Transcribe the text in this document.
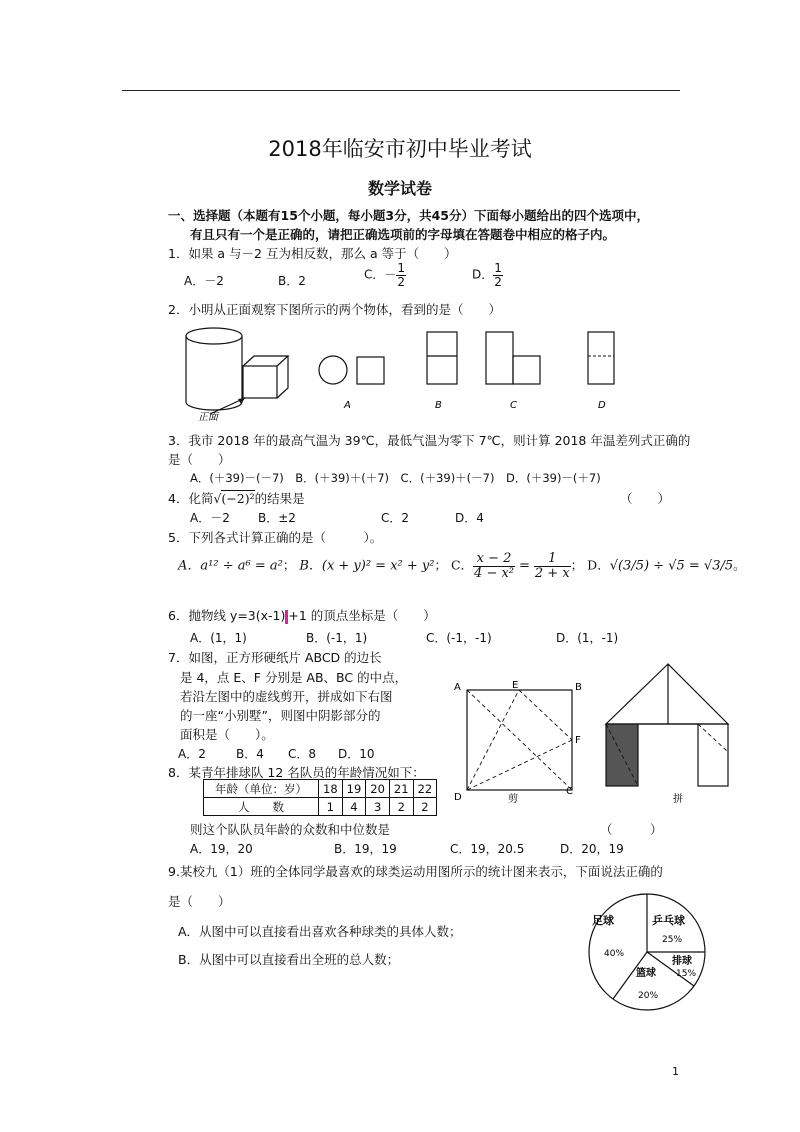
2018年临安市初中毕业考试
数学试卷
一、选择题（本题有15个小题，每小题3分，共45分）下面每小题给出的四个选项中，
有且只有一个是正确的，请把正确选项前的字母填在答题卷中相应的格子内。
1．如果 a 与－2 互为相反数，那么 a 等于（　　）
A．－2	B．2	C．－ $\frac{1}{2}$	D． $\frac{1}{2}$
2．小明从正面观察下图所示的两个物体，看到的是（　　）
正面
A	B	C	D
3．我市 2018 年的最高气温为 39℃，最低气温为零下 7℃，则计算 2018 年温差列式正确的
是（　　）
A．(＋39)－(－7)　B．(＋39)＋(＋7)　C．(＋39)＋(－7)　D．(＋39)－(＋7)
4．化简√(−2)²的结果是	（　　）
A．－2 B．±2	C．2	D．4
5．下列各式计算正确的是（　　　）。
A．a¹² ÷ a⁶ = a²； B．(x + y)² = x² + y²； C． $\frac{x - 2}{\text{4 − x²}} = \frac{1}{2 + x}$ ； D．√(3/5) ÷ √5 = √3/5。
6．抛物线 y=3(x-1) +1 的顶点坐标是（　　）
A．(1，1)	B．(-1，1)	C．(-1，-1)	D．(1，-1)
7．如图，正方形硬纸片 ABCD 的边长
是 4，点 E、F 分别是 AB、BC 的中点，
若沿左图中的虚线剪开，拼成如下右图
的一座“小别墅”，则图中阴影部分的
面积是（　　）。
A．2	B．4 C．8 D．10
A	E	B
F
D
C
剪	拼
8．某青年排球队 12 名队员的年龄情况如下：
年龄（单位：岁）	18	19	20	21	22
人　　数	1	4	3	2	2
则这个队队员年龄的众数和中位数是	（　　　）
A．19，20	B．19，19	C．19，20.5	D．20，19
9.某校九（1）班的全体同学最喜欢的球类运动用图所示的统计图来表示，下面说法正确的
是（　　）
A．从图中可以直接看出喜欢各种球类的具体人数；
B．从图中可以直接看出全班的总人数；
足球
40%
乒乓球
25%
排球
15%
篮球
20%
1
